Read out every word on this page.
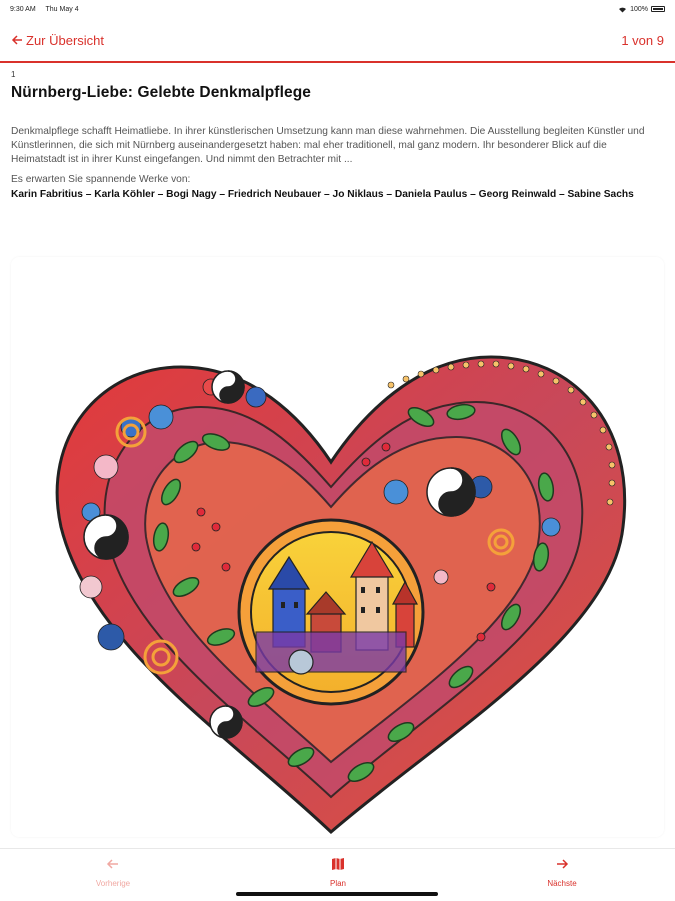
9:30 AM Thu May 4	100%
Zur Übersicht	1 von 9
1
Nürnberg-Liebe: Gelebte Denkmalpflege
Denkmalpflege schafft Heimatliebe. In ihrer künstlerischen Umsetzung kann man diese wahrnehmen. Die Ausstellung begleiten Künstler und Künstlerinnen, die sich mit Nürnberg auseinandergesetzt haben: mal eher traditionell, mal ganz modern. Ihr besonderer Blick auf die Heimatstadt ist in ihrer Kunst eingefangen. Und nimmt den Betrachter mit ...
Es erwarten Sie spannende Werke von:
Karin Fabritius – Karla Köhler – Bogi Nagy – Friedrich Neubauer – Jo Niklaus – Daniela Paulus – Georg Reinwald – Sabine Sachs
Vorherige	Plan	Nächste
